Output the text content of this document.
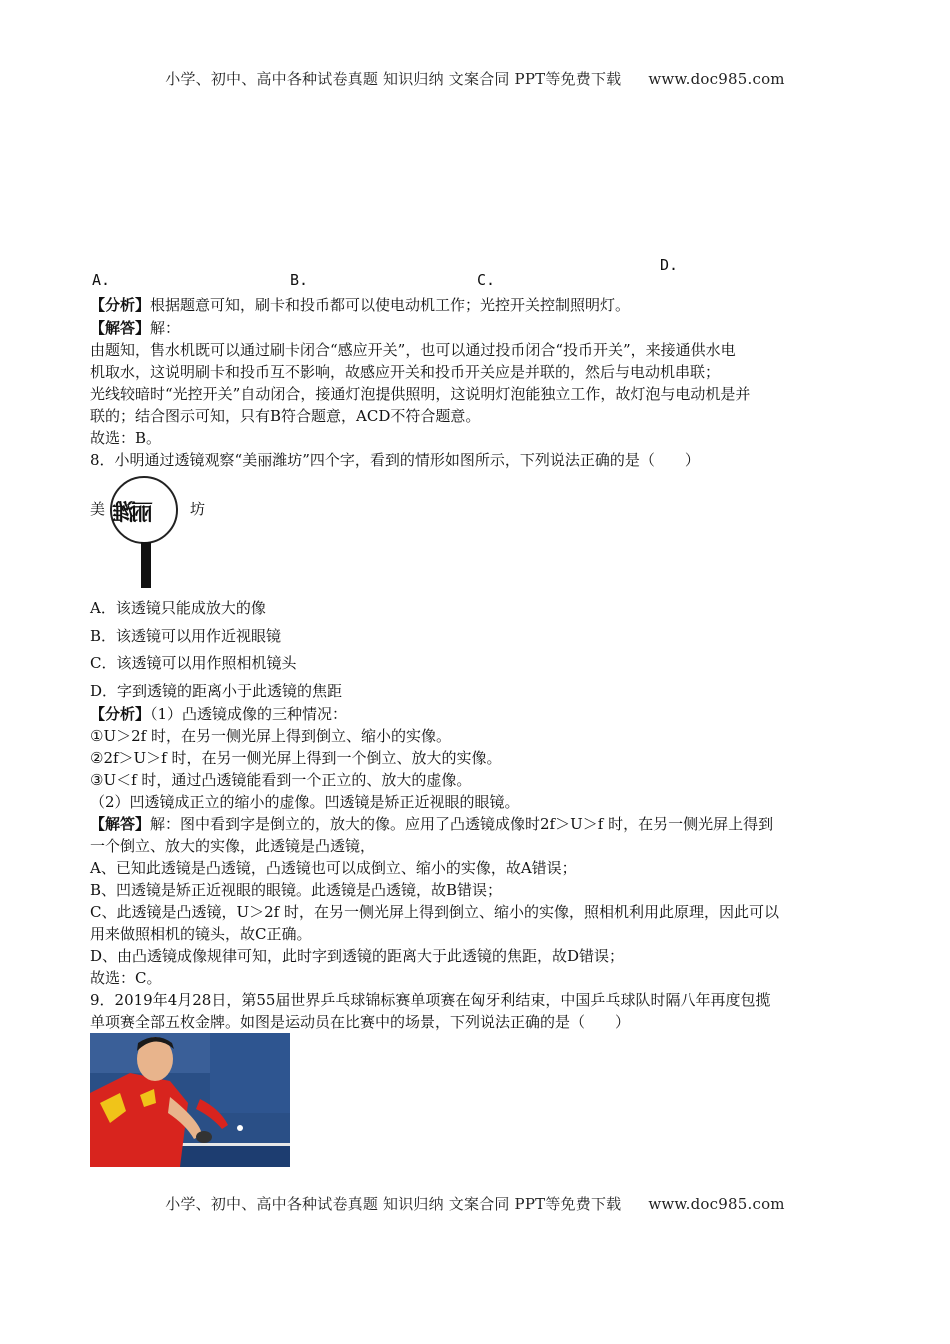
小学、初中、高中各种试卷真题 知识归纳 文案合同 PPT等免费下载 www.doc985.com
D.
A.	B.	C.
【分析】根据题意可知，刷卡和投币都可以使电动机工作；光控开关控制照明灯。
【解答】解：
由题知，售水机既可以通过刷卡闭合“感应开关”，也可以通过投币闭合“投币开关”，来接通供水电
机取水，这说明刷卡和投币互不影响，故感应开关和投币开关应是并联的，然后与电动机串联；
光线较暗时“光控开关”自动闭合，接通灯泡提供照明，这说明灯泡能独立工作，故灯泡与电动机是并
联的；结合图示可知，只有B符合题意，ACD不符合题意。
故选：B。
8．小明通过透镜观察“美丽潍坊”四个字，看到的情形如图所示，下列说法正确的是（　　）
美 丽潍 坊
A．该透镜只能成放大的像
B．该透镜可以用作近视眼镜
C．该透镜可以用作照相机镜头
D．字到透镜的距离小于此透镜的焦距
【分析】（1）凸透镜成像的三种情况：
①U＞2f 时，在另一侧光屏上得到倒立、缩小的实像。
②2f＞U＞f 时，在另一侧光屏上得到一个倒立、放大的实像。
③U＜f 时，通过凸透镜能看到一个正立的、放大的虚像。
（2）凹透镜成正立的缩小的虚像。凹透镜是矫正近视眼的眼镜。
【解答】解：图中看到字是倒立的，放大的像。应用了凸透镜成像时2f＞U＞f 时，在另一侧光屏上得到
一个倒立、放大的实像，此透镜是凸透镜，
A、已知此透镜是凸透镜，凸透镜也可以成倒立、缩小的实像，故A错误；
B、凹透镜是矫正近视眼的眼镜。此透镜是凸透镜，故B错误；
C、此透镜是凸透镜，U＞2f 时，在另一侧光屏上得到倒立、缩小的实像，照相机利用此原理，因此可以
用来做照相机的镜头，故C正确。
D、由凸透镜成像规律可知，此时字到透镜的距离大于此透镜的焦距，故D错误；
故选：C。
9．2019年4月28日，第55届世界乒乓球锦标赛单项赛在匈牙利结束，中国乒乓球队时隔八年再度包揽
单项赛全部五枚金牌。如图是运动员在比赛中的场景，下列说法正确的是（　　）
小学、初中、高中各种试卷真题 知识归纳 文案合同 PPT等免费下载 www.doc985.com
